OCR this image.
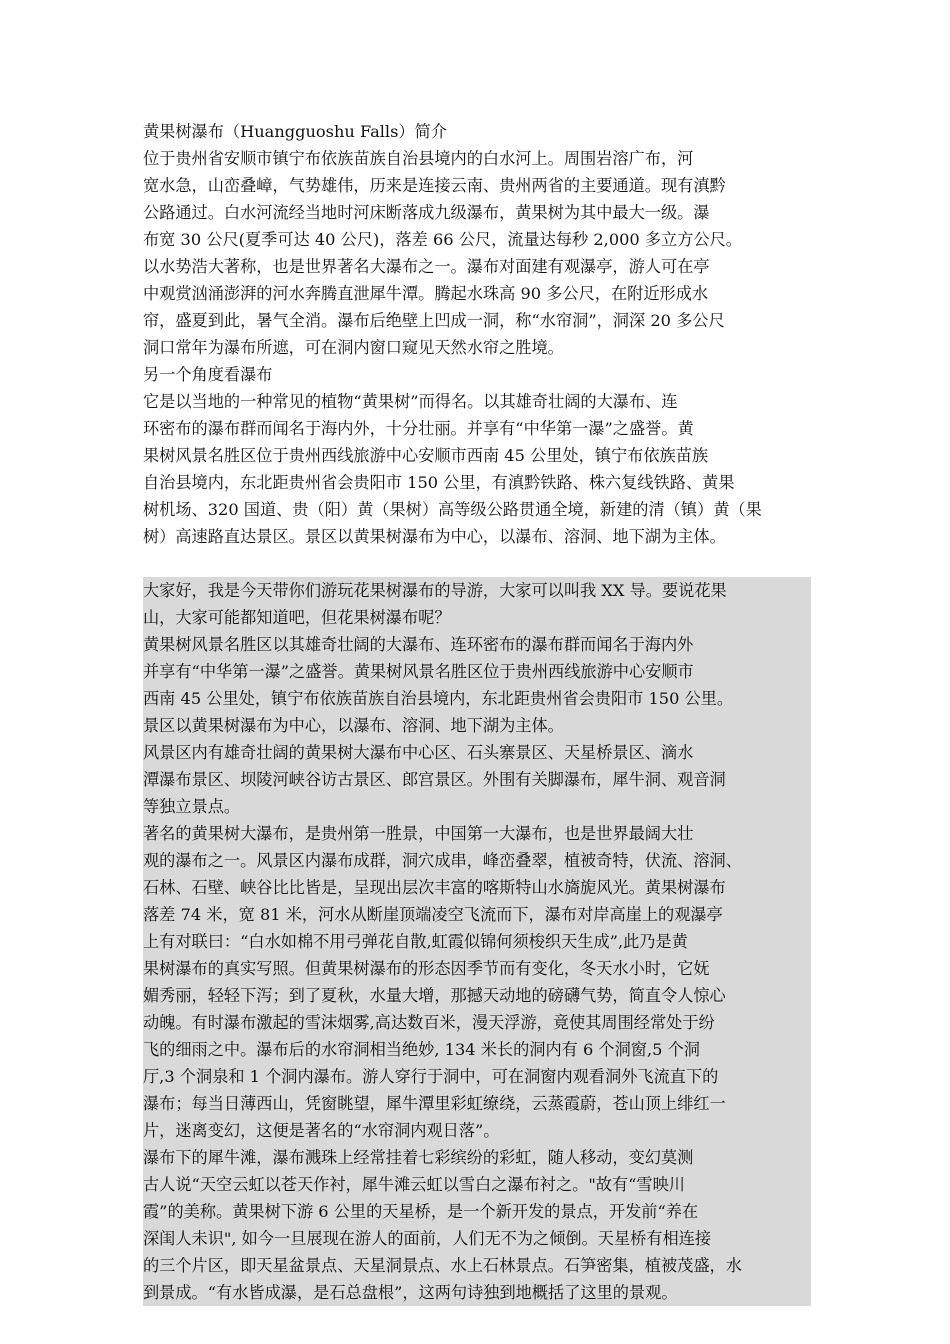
黄果树瀑布（Huangguoshu Falls）简介
位于贵州省安顺市镇宁布依族苗族自治县境内的白水河上。周围岩溶广布，河
宽水急，山峦叠嶂，气势雄伟，历来是连接云南、贵州两省的主要通道。现有滇黔
公路通过。白水河流经当地时河床断落成九级瀑布，黄果树为其中最大一级。瀑
布宽 30 公尺(夏季可达 40 公尺)，落差 66 公尺，流量达每秒 2,000 多立方公尺。
以水势浩大著称，也是世界著名大瀑布之一。瀑布对面建有观瀑亭，游人可在亭
中观赏汹涌澎湃的河水奔腾直泄犀牛潭。腾起水珠高 90 多公尺，在附近形成水
帘，盛夏到此，暑气全消。瀑布后绝壁上凹成一洞，称“水帘洞”，洞深 20 多公尺
洞口常年为瀑布所遮，可在洞内窗口窥见天然水帘之胜境。
另一个角度看瀑布
它是以当地的一种常见的植物“黄果树”而得名。以其雄奇壮阔的大瀑布、连
环密布的瀑布群而闻名于海内外，十分壮丽。并享有“中华第一瀑”之盛誉。黄
果树风景名胜区位于贵州西线旅游中心安顺市西南 45 公里处，镇宁布依族苗族
自治县境内，东北距贵州省会贵阳市 150 公里，有滇黔铁路、株六复线铁路、黄果
树机场、320 国道、贵（阳）黄（果树）高等级公路贯通全境，新建的清（镇）黄（果
树）高速路直达景区。景区以黄果树瀑布为中心，以瀑布、溶洞、地下湖为主体。
大家好，我是今天带你们游玩花果树瀑布的导游，大家可以叫我 XX 导。要说花果
山，大家可能都知道吧，但花果树瀑布呢？
黄果树风景名胜区以其雄奇壮阔的大瀑布、连环密布的瀑布群而闻名于海内外
并享有“中华第一瀑”之盛誉。黄果树风景名胜区位于贵州西线旅游中心安顺市
西南 45 公里处，镇宁布依族苗族自治县境内，东北距贵州省会贵阳市 150 公里。
景区以黄果树瀑布为中心，以瀑布、溶洞、地下湖为主体。
风景区内有雄奇壮阔的黄果树大瀑布中心区、石头寨景区、天星桥景区、滴水
潭瀑布景区、坝陵河峡谷访古景区、郎宫景区。外围有关脚瀑布，犀牛洞、观音洞
等独立景点。
著名的黄果树大瀑布，是贵州第一胜景，中国第一大瀑布，也是世界最阔大壮
观的瀑布之一。风景区内瀑布成群，洞穴成串，峰峦叠翠，植被奇特，伏流、溶洞、
石林、石壁、峡谷比比皆是，呈现出层次丰富的喀斯特山水旖旎风光。黄果树瀑布
落差 74 米，宽 81 米，河水从断崖顶端凌空飞流而下，瀑布对岸高崖上的观瀑亭
上有对联曰：“白水如棉不用弓弹花自散,虹霞似锦何须梭织天生成”,此乃是黄
果树瀑布的真实写照。但黄果树瀑布的形态因季节而有变化，冬天水小时，它妩
媚秀丽，轻轻下泻；到了夏秋，水量大增，那撼天动地的磅礴气势，简直令人惊心
动魄。有时瀑布激起的雪沫烟雾,高达数百米，漫天浮游，竟使其周围经常处于纷
飞的细雨之中。瀑布后的水帘洞相当绝妙, 134 米长的洞内有 6 个洞窗,5 个洞
厅,3 个洞泉和 1 个洞内瀑布。游人穿行于洞中，可在洞窗内观看洞外飞流直下的
瀑布；每当日薄西山，凭窗眺望，犀牛潭里彩虹缭绕，云蒸霞蔚，苍山顶上绯红一
片，迷离变幻，这便是著名的“水帘洞内观日落”。
瀑布下的犀牛滩，瀑布溅珠上经常挂着七彩缤纷的彩虹，随人移动，变幻莫测
古人说“天空云虹以苍天作衬，犀牛滩云虹以雪白之瀑布衬之。"故有“雪映川
霞”的美称。黄果树下游 6 公里的天星桥，是一个新开发的景点，开发前“养在
深闺人未识", 如今一旦展现在游人的面前，人们无不为之倾倒。天星桥有相连接
的三个片区，即天星盆景点、天星洞景点、水上石林景点。石笋密集，植被茂盛，水
到景成。“有水皆成瀑，是石总盘根”，这两句诗独到地概括了这里的景观。
